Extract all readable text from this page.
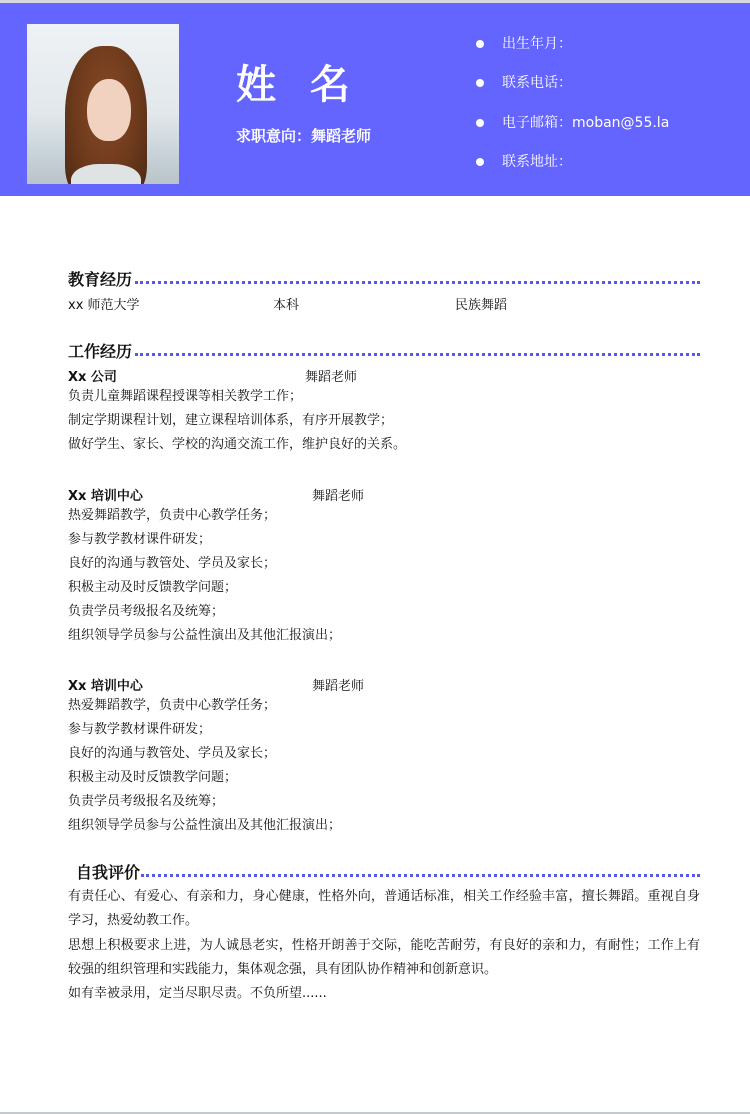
姓 名
求职意向：舞蹈老师
出生年月：
联系电话：
电子邮箱：moban@55.la
联系地址：
教育经历
xx 师范大学	本科	民族舞蹈
工作经历
Xx 公司	舞蹈老师
负责儿童舞蹈课程授课等相关教学工作；
制定学期课程计划，建立课程培训体系，有序开展教学；
做好学生、家长、学校的沟通交流工作，维护良好的关系。
Xx 培训中心	舞蹈老师
热爱舞蹈教学，负责中心教学任务；
参与教学教材课件研发；
良好的沟通与教管处、学员及家长；
积极主动及时反馈教学问题；
负责学员考级报名及统筹；
组织领导学员参与公益性演出及其他汇报演出；
Xx 培训中心	舞蹈老师
热爱舞蹈教学，负责中心教学任务；
参与教学教材课件研发；
良好的沟通与教管处、学员及家长；
积极主动及时反馈教学问题；
负责学员考级报名及统筹；
组织领导学员参与公益性演出及其他汇报演出；
自我评价
有责任心、有爱心、有亲和力，身心健康，性格外向，普通话标准，相关工作经验丰富，擅长舞蹈。重视自身学习，热爱幼教工作。
思想上积极要求上进，为人诚恳老实，性格开朗善于交际，能吃苦耐劳，有良好的亲和力，有耐性；工作上有较强的组织管理和实践能力，集体观念强，具有团队协作精神和创新意识。
如有幸被录用，定当尽职尽责。不负所望......
